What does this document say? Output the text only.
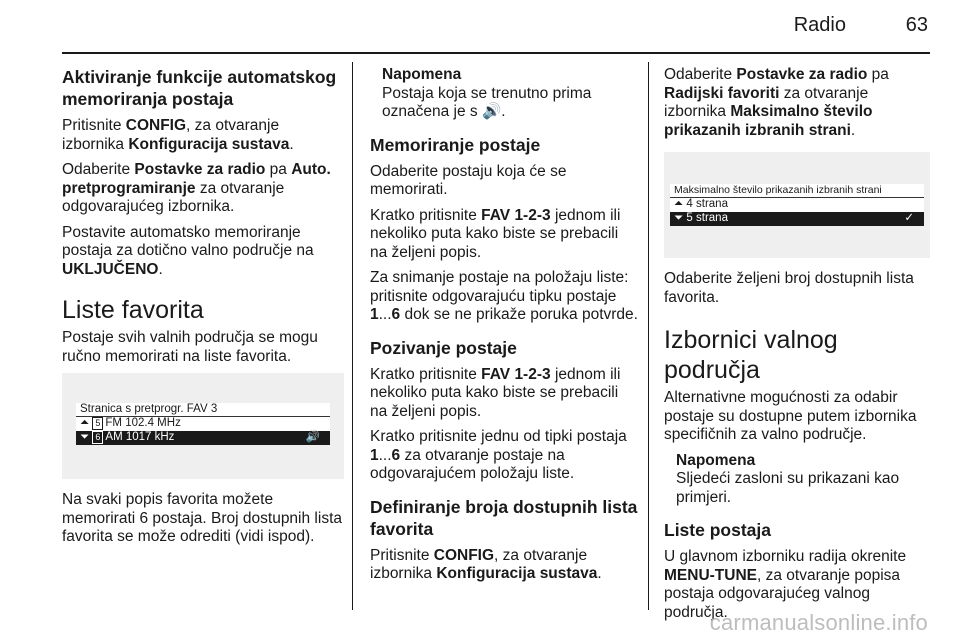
Radio	63
Aktiviranje funkcije automatskog memoriranja postaja

Pritisnite CONFIG, za otvaranje izbornika Konfiguracija sustava.

Odaberite Postavke za radio pa Auto. pretprogramiranje za otvaranje odgovarajućeg izbornika.

Postavite automatsko memoriranje postaja za dotično valno područje na UKLJUČENO.

Liste favorita

Postaje svih valnih područja se mogu ručno memorirati na liste favorita.

Stranica s pretprogr. FAV 3
⏶ 5 FM 102.4 MHz
⏷ 6 AM 1017 kHz	🔊

Na svaki popis favorita možete memorirati 6 postaja. Broj dostupnih lista favorita se može odrediti (vidi ispod).

Napomena
Postaja koja se trenutno prima označena je s 🔊.
Memoriranje postaje

Odaberite postaju koja će se memorirati.

Kratko pritisnite FAV 1-2-3 jednom ili nekoliko puta kako biste se prebacili na željeni popis.

Za snimanje postaje na položaju liste: pritisnite odgovarajuću tipku postaje 1...6 dok se ne prikaže poruka potvrde.

Pozivanje postaje

Kratko pritisnite FAV 1-2-3 jednom ili nekoliko puta kako biste se prebacili na željeni popis.

Kratko pritisnite jednu od tipki postaja 1...6 za otvaranje postaje na odgovarajućem položaju liste.

Definiranje broja dostupnih lista favorita

Pritisnite CONFIG, za otvaranje izbornika Konfiguracija sustava.

Odaberite Postavke za radio pa Radijski favoriti za otvaranje izbornika Maksimalno število prikazanih izbranih strani.

Maksimalno število prikazanih izbranih strani
⏶ 4 strana
⏷ 5 strana	✓

Odaberite željeni broj dostupnih lista favorita.

Izbornici valnog područja

Alternativne mogućnosti za odabir postaje su dostupne putem izbornika specifičnih za valno područje.

Napomena
Sljedeći zasloni su prikazani kao primjeri.
Liste postaja

U glavnom izborniku radija okrenite MENU-TUNE, za otvaranje popisa postaja odgovarajućeg valnog područja.

carmanualsonline.info
